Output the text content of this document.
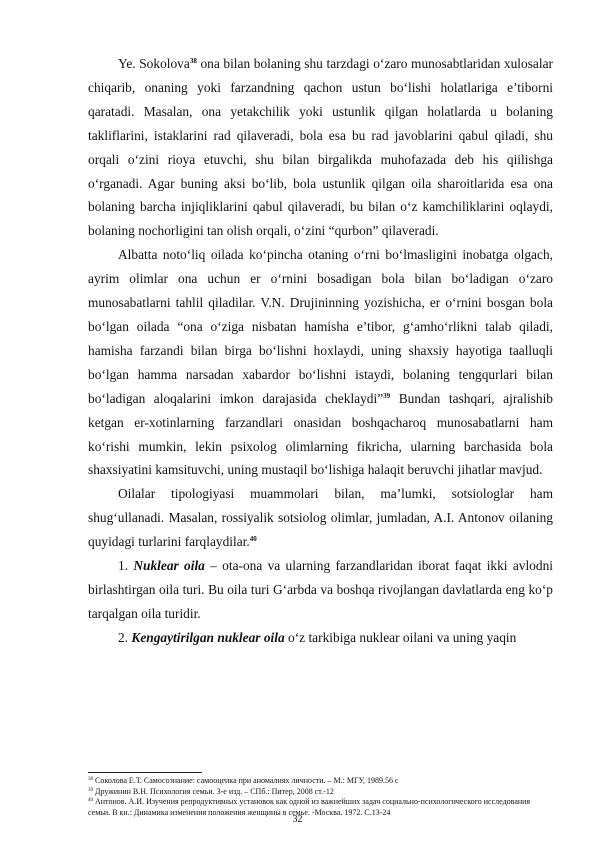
Ye. Sokolova$^{38}$ ona bilan bolaning shu tarzdagi o‘zaro munosabtlaridan xulosalar chiqarib, onaning yoki farzandning qachon ustun bo‘lishi holatlariga e’tiborni qaratadi. Masalan, ona yetakchilik yoki ustunlik qilgan holatlarda u bolaning takliflarini, istaklarini rad qilaveradi, bola esa bu rad javoblarini qabul qiladi, shu orqali o‘zini rioya etuvchi, shu bilan birgalikda muhofazada deb his qiilishga o‘rganadi. Agar buning aksi bo‘lib, bola ustunlik qilgan oila sharoitlarida esa ona bolaning barcha injiqliklarini qabul qilaveradi, bu bilan o‘z kamchiliklarini oqlaydi, bolaning nochorligini tan olish orqali, o‘zini “qurbon” qilaveradi.

Albatta noto‘liq oilada ko‘pincha otaning o‘rni bo‘lmasligini inobatga olgach, ayrim olimlar ona uchun er o‘rnini bosadigan bola bilan bo‘ladigan o‘zaro munosabatlarni tahlil qiladilar. V.N. Drujininning yozishicha, er o‘rnini bosgan bola bo‘lgan oilada “ona o‘ziga nisbatan hamisha e’tibor, g‘amho‘rlikni talab qiladi, hamisha farzandi bilan birga bo‘lishni hoxlaydi, uning shaxsiy hayotiga taalluqli bo‘lgan hamma narsadan xabardor bo‘lishni istaydi, bolaning tengqurlari bilan bo‘ladigan aloqalarini imkon darajasida cheklaydi”$^{39}$ Bundan tashqari, ajralishib ketgan er-xotinlarning farzandlari onasidan boshqacharoq munosabatlarni ham ko‘rishi mumkin, lekin psixolog olimlarning fikricha, ularning barchasida bola shaxsiyatini kamsituvchi, uning mustaqil bo‘lishiga halaqit beruvchi jihatlar mavjud.

Oilalar tipologiyasi muammolari bilan, ma’lumki, sotsiologlar ham shug‘ullanadi. Masalan, rossiyalik sotsiolog olimlar, jumladan, A.I. Antonov oilaning quyidagi turlarini farqlaydilar.$^{40}$

1. Nuklear oila – ota-ona va ularning farzandlaridan iborat faqat ikki avlodni birlashtirgan oila turi. Bu oila turi G‘arbda va boshqa rivojlangan davlatlarda eng ko‘p tarqalgan oila turidir.

2. Kengaytirilgan nuklear oila o‘z tarkibiga nuklear oilani va uning yaqin

$^{38}$ Соколова Е.Т. Самосознание: самооценка при аномалиях личности. – М.: МГУ, 1989.56 с

$^{39}$ Дружинин В.Н. Психология семьи. 3-е изд. – СПб.: Питер, 2008 ст.-12

$^{40}$ Антонов. А.И. Изучения репродуктивных установок как одной из важнейших задач социально-психологического исследования семьи. В кн.: Динамика изменения положения женщины в семье. -Москва. 1972. С.13-24

32
